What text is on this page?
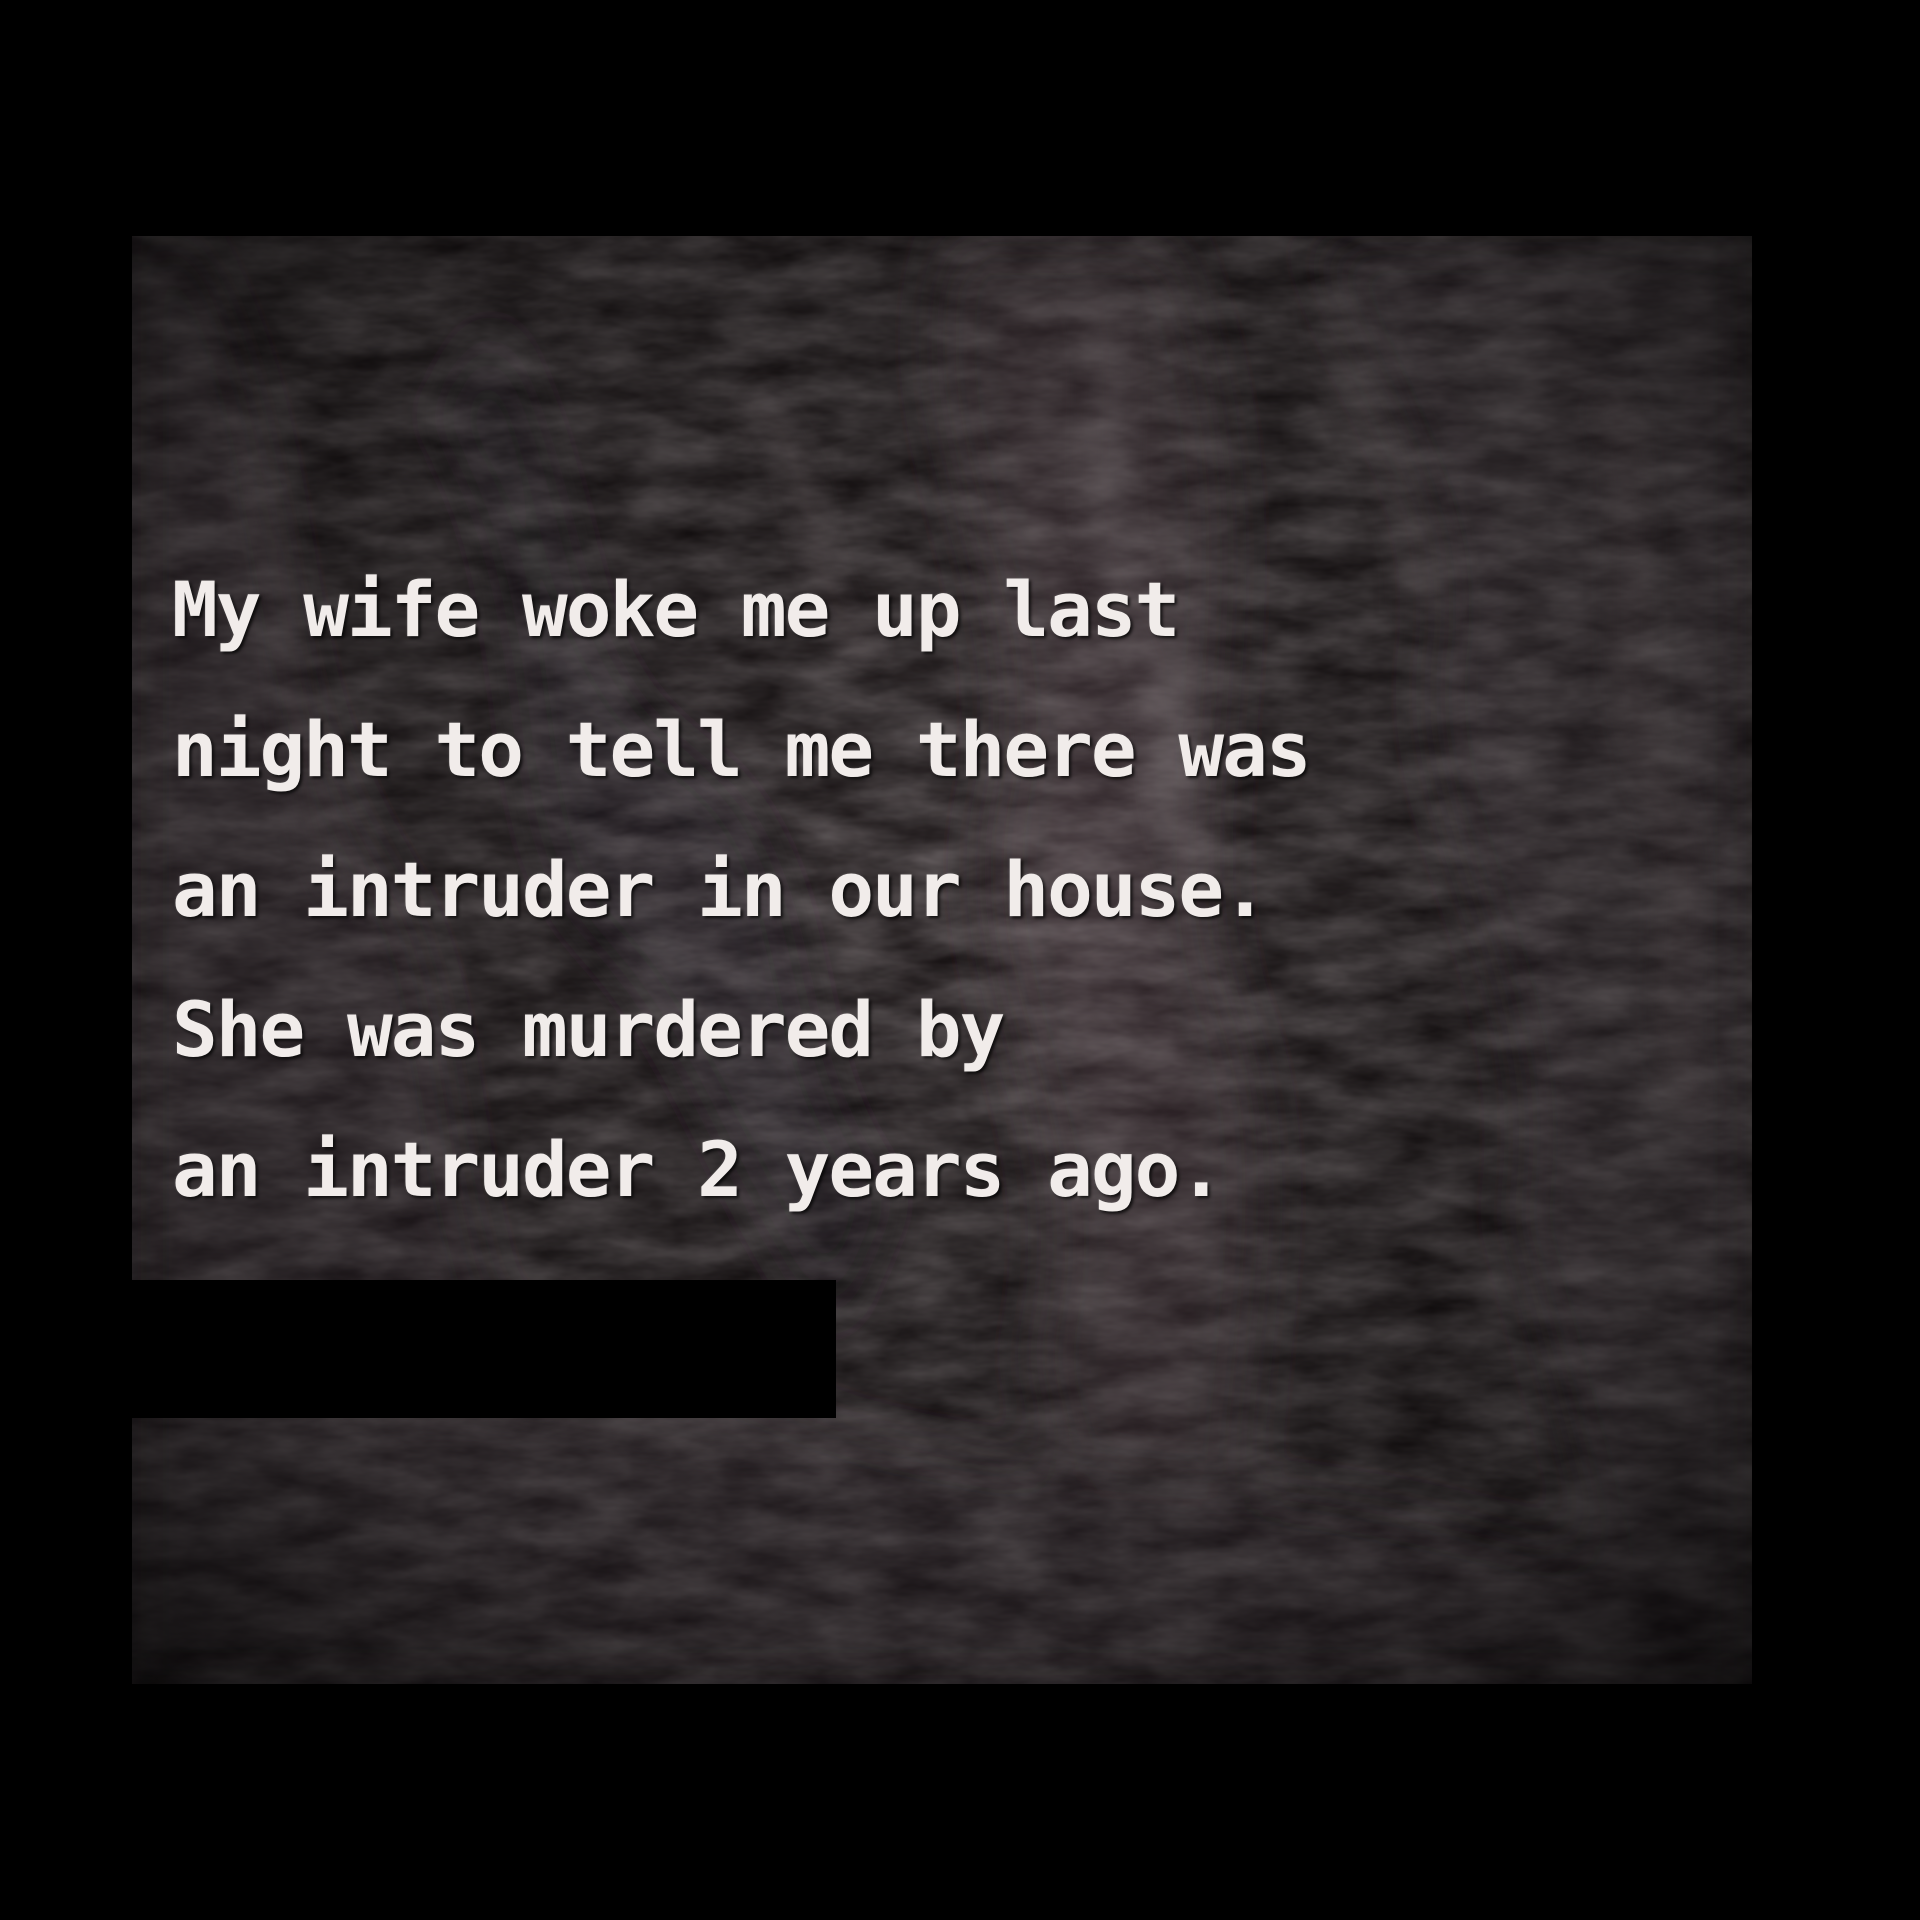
My wife woke me up last
night to tell me there was
an intruder in our house.
She was murdered by
an intruder 2 years ago.
